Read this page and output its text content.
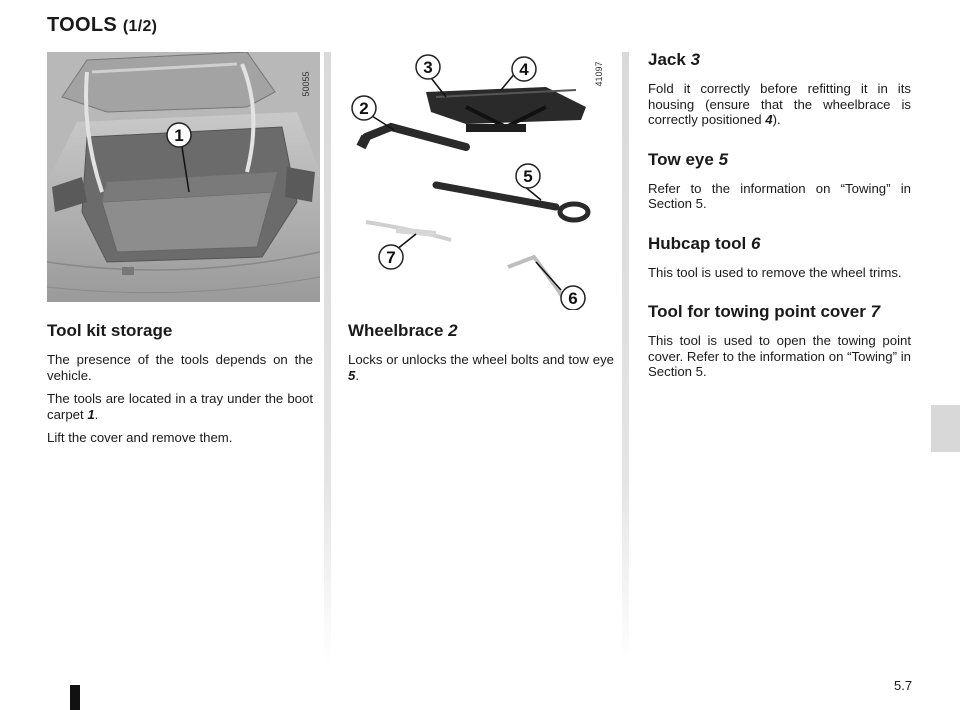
TOOLS (1/2)
5.7
1
50055
2
3	4
5
6
7
41097
Tool kit storage

The presence of the tools depends on the vehicle.

The tools are located in a tray under the boot carpet 1.

Lift the cover and remove them.

Wheelbrace 2

Locks or unlocks the wheel bolts and tow eye 5.

Jack 3

Fold it correctly before refitting it in its housing (ensure that the wheelbrace is correctly positioned 4).

Tow eye 5

Refer to the information on “Towing” in Section 5.

Hubcap tool 6

This tool is used to remove the wheel trims.

Tool for towing point cover 7

This tool is used to open the towing point cover. Refer to the information on “Towing” in Section 5.
